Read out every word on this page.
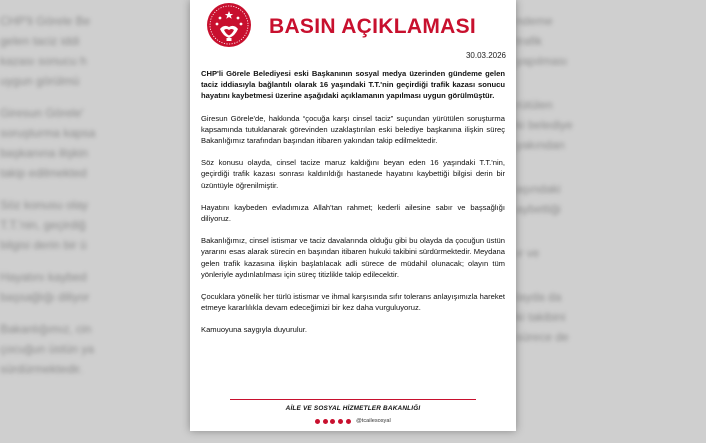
CHP'li Görele Be
gelen taciz iddi
kazası sonucu h
uygun görülmü
Giresun Görele'
soruşturma kapsa
başkanına ilişkin
takip edilmekted
Söz konusu olay
T.T.'nin, geçirdiğ
bilgisi derin bir ü
Hayatını kaybed
başsağlığı diliyor
Bakanlığımız, cin
çocuğun üstün ya
sürdürmektedir.
ndeme
trafik
yapılması
rütülen
ki belediye
yakından
aşındaki
aybettiği
ır ve
layda da
ki takibini
sürecе de
BASIN AÇIKLAMASI
30.03.2026

CHP'li Görele Belediyesi eski Başkanının sosyal medya üzerinden gündeme gelen taciz iddiasıyla bağlantılı olarak 16 yaşındaki T.T.'nin geçirdiği trafik kazası sonucu hayatını kaybetmesi üzerine aşağıdaki açıklamanın yapılması uygun görülmüştür.

Giresun Görele'de, hakkında “çocuğa karşı cinsel taciz” suçundan yürütülen soruşturma kapsamında tutuklanarak görevinden uzaklaştırılan eski belediye başkanına ilişkin süreç Bakanlığımız tarafından başından itibaren yakından takip edilmektedir.

Söz konusu olayda, cinsel tacize maruz kaldığını beyan eden 16 yaşındaki T.T.'nin, geçirdiği trafik kazası sonrası kaldırıldığı hastanede hayatını kaybettiği bilgisi derin bir üzüntüyle öğrenilmiştir.

Hayatını kaybeden evladımıza Allah'tan rahmet; kederli ailesine sabır ve başsağlığı diliyoruz.

Bakanlığımız, cinsel istismar ve taciz davalarında olduğu gibi bu olayda da çocuğun üstün yararını esas alarak sürecin en başından itibaren hukuki takibini sürdürmektedir. Meydana gelen trafik kazasına ilişkin başlatılacak adli sürece de müdahil olunacak; olayın tüm yönleriyle aydınlatılması için süreç titizlikle takip edilecektir.

Çocuklara yönelik her türlü istismar ve ihmal karşısında sıfır tolerans anlayışımızla hareket etmeye kararlılıkla devam edeceğimizi bir kez daha vurguluyoruz.

Kamuoyuna saygıyla duyurulur.

AİLE VE SOSYAL HİZMETLER BAKANLIĞI
@tcailesosyal
